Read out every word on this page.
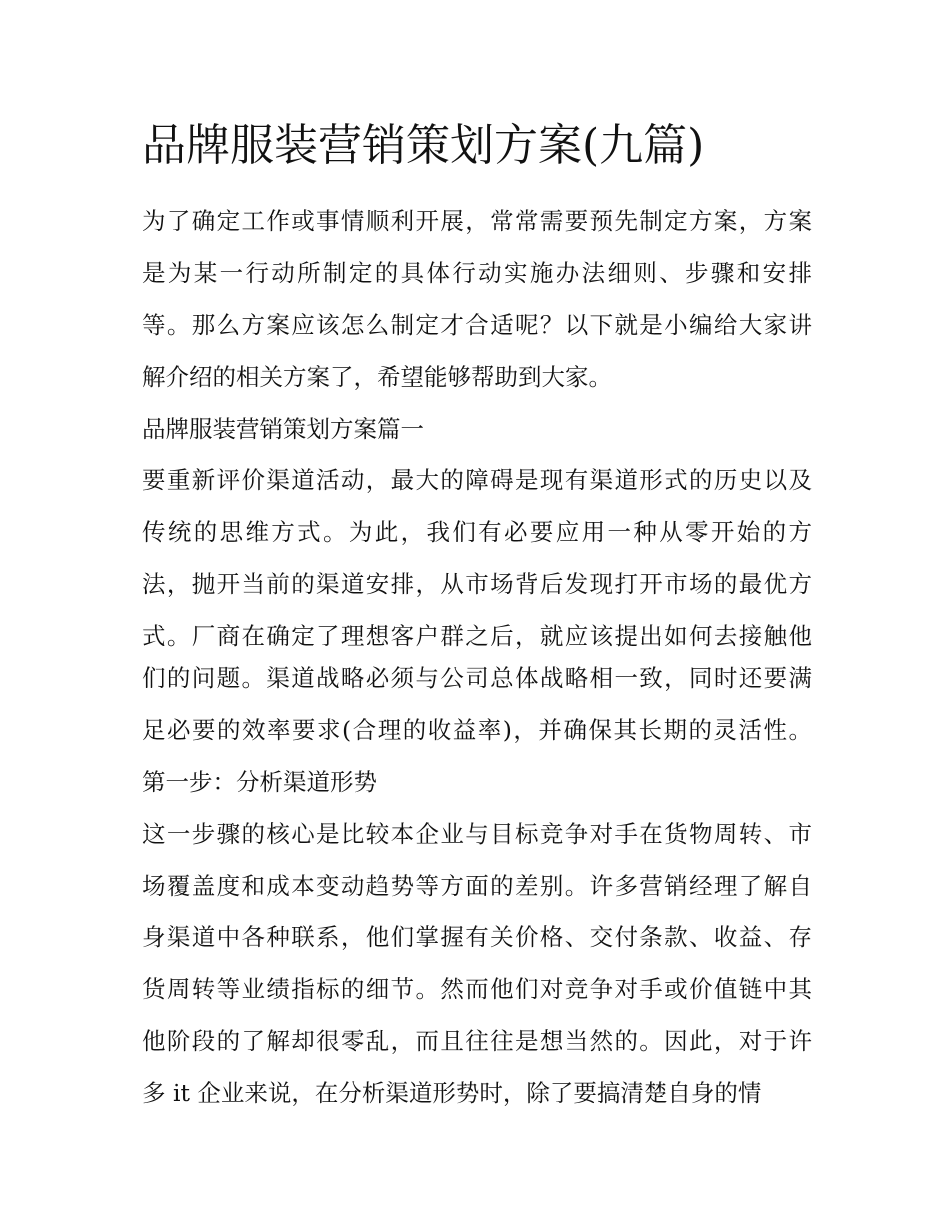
品牌服装营销策划方案(九篇)
为了确定工作或事情顺利开展，常常需要预先制定方案，方案
是为某一行动所制定的具体行动实施办法细则、步骤和安排
等。那么方案应该怎么制定才合适呢？以下就是小编给大家讲
解介绍的相关方案了，希望能够帮助到大家。
品牌服装营销策划方案篇一
要重新评价渠道活动，最大的障碍是现有渠道形式的历史以及
传统的思维方式。为此，我们有必要应用一种从零开始的方
法，抛开当前的渠道安排，从市场背后发现打开市场的最优方
式。厂商在确定了理想客户群之后，就应该提出如何去接触他
们的问题。渠道战略必须与公司总体战略相一致，同时还要满
足必要的效率要求(合理的收益率)，并确保其长期的灵活性。
第一步：分析渠道形势
这一步骤的核心是比较本企业与目标竞争对手在货物周转、市
场覆盖度和成本变动趋势等方面的差别。许多营销经理了解自
身渠道中各种联系，他们掌握有关价格、交付条款、收益、存
货周转等业绩指标的细节。然而他们对竞争对手或价值链中其
他阶段的了解却很零乱，而且往往是想当然的。因此，对于许
多 it 企业来说，在分析渠道形势时，除了要搞清楚自身的情
